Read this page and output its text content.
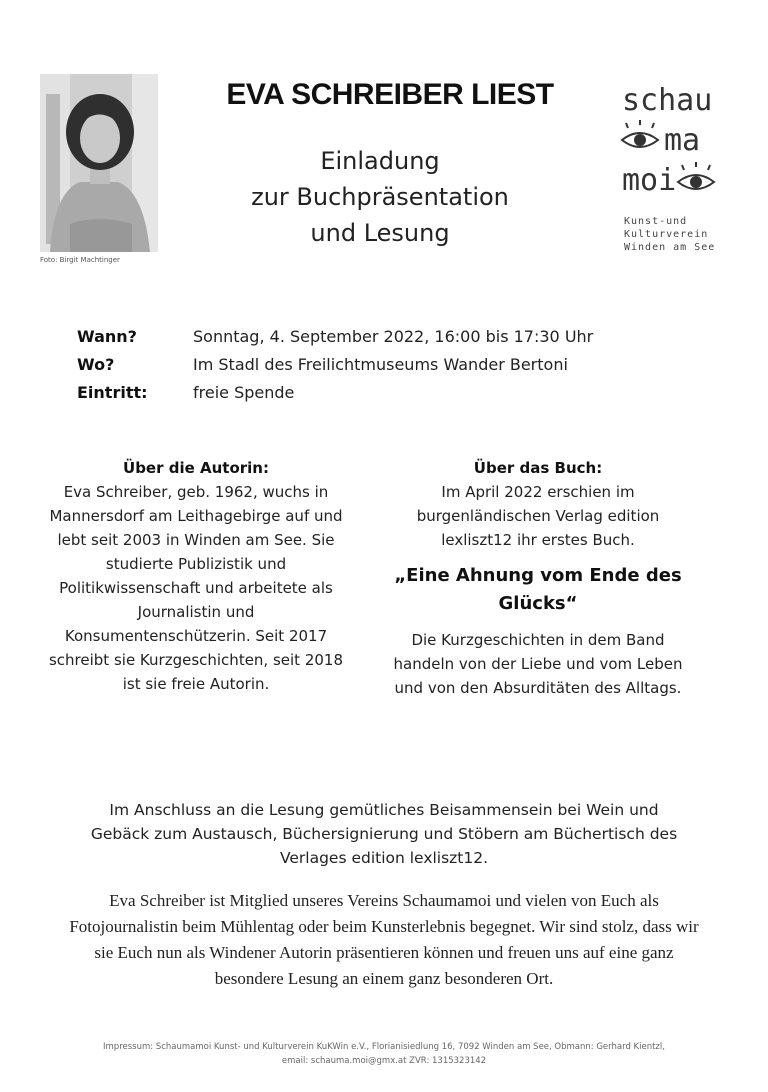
Foto: Birgit Machtinger
EVA SCHREIBER LIEST
Einladung
zur Buchpräsentation
und Lesung
schau
ma
moi
Kunst-und
Kulturverein
Winden am See
Wann?	Sonntag, 4. September 2022, 16:00 bis 17:30 Uhr
Wo?	Im Stadl des Freilichtmuseums Wander Bertoni
Eintritt:	freie Spende
Über die Autorin:

Eva Schreiber, geb. 1962, wuchs in Mannersdorf am Leithagebirge auf und lebt seit 2003 in Winden am See. Sie studierte Publizistik und Politikwissenschaft und arbeitete als Journalistin und Konsumentenschützerin. Seit 2017 schreibt sie Kurzgeschichten, seit 2018 ist sie freie Autorin.

Über das Buch:

Im April 2022 erschien im burgenländischen Verlag edition lexliszt12 ihr erstes Buch.

„Eine Ahnung vom Ende des Glücks“

Die Kurzgeschichten in dem Band handeln von der Liebe und vom Leben und von den Absurditäten des Alltags.

Im Anschluss an die Lesung gemütliches Beisammensein bei Wein und Gebäck zum Austausch, Büchersignierung und Stöbern am Büchertisch des Verlages edition lexliszt12.
Eva Schreiber ist Mitglied unseres Vereins Schaumamoi und vielen von Euch als Fotojournalistin beim Mühlentag oder beim Kunsterlebnis begegnet. Wir sind stolz, dass wir sie Euch nun als Windener Autorin präsentieren können und freuen uns auf eine ganz besondere Lesung an einem ganz besonderen Ort.
Impressum: Schaumamoi Kunst- und Kulturverein KuKWin e.V., Florianisiedlung 16, 7092 Winden am See, Obmann: Gerhard Kientzl,
email: schauma.moi@gmx.at ZVR: 1315323142
